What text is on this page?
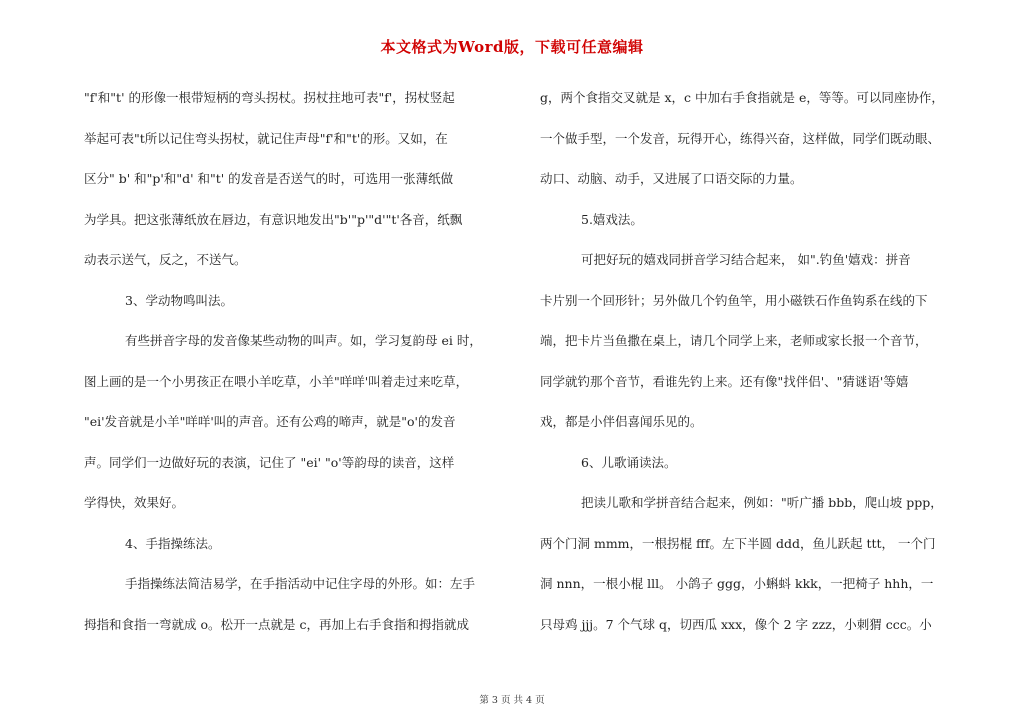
本文格式为Word版，下载可任意编辑

"f'和"t' 的形像一根带短柄的弯头拐杖。拐杖拄地可表"f'，拐杖竖起

举起可表"t所以记住弯头拐杖，就记住声母"f'和"t'的形。又如，在

区分" b' 和"p'和"d' 和"t' 的发音是否送气的时，可选用一张薄纸做

为学具。把这张薄纸放在唇边，有意识地发出"b'"p'"d'"t'各音，纸飘

动表示送气，反之，不送气。

3、学动物鸣叫法。

有些拼音字母的发音像某些动物的叫声。如，学习复韵母 ei 时，

图上画的是一个小男孩正在喂小羊吃草，小羊"咩咩'叫着走过来吃草，

"ei'发音就是小羊"咩咩'叫的声音。还有公鸡的啼声，就是"o'的发音

声。同学们一边做好玩的表演，记住了 "ei' "o'等韵母的读音，这样

学得快，效果好。

4、手指操练法。

手指操练法简洁易学，在手指活动中记住字母的外形。如：左手

拇指和食指一弯就成 o。松开一点就是 c，再加上右手食指和拇指就成

g，两个食指交叉就是 x，c 中加右手食指就是 e，等等。可以同座协作，

一个做手型，一个发音，玩得开心，练得兴奋，这样做，同学们既动眼、

动口、动脑、动手，又进展了口语交际的力量。

5.嬉戏法。

可把好玩的嬉戏同拼音学习结合起来， 如".钓鱼'嬉戏：拼音

卡片别一个回形针；另外做几个钓鱼竿，用小磁铁石作鱼钩系在线的下

端，把卡片当鱼撒在桌上，请几个同学上来，老师或家长报一个音节，

同学就钓那个音节，看谁先钓上来。还有像"找伴侣'、"猜谜语'等嬉

戏，都是小伴侣喜闻乐见的。

6、儿歌诵读法。

把读儿歌和学拼音结合起来，例如："听广播 bbb，爬山坡 ppp，

两个门洞 mmm，一根拐棍 fff。左下半圆 ddd，鱼儿跃起 ttt， 一个门

洞 nnn，一根小棍 lll。 小鸽子 ggg，小蝌蚪 kkk，一把椅子 hhh，一

只母鸡 jjj。7 个气球 q，切西瓜 xxx，像个 2 字 zzz，小刺猬 ccc。小

第 3 页 共 4 页
